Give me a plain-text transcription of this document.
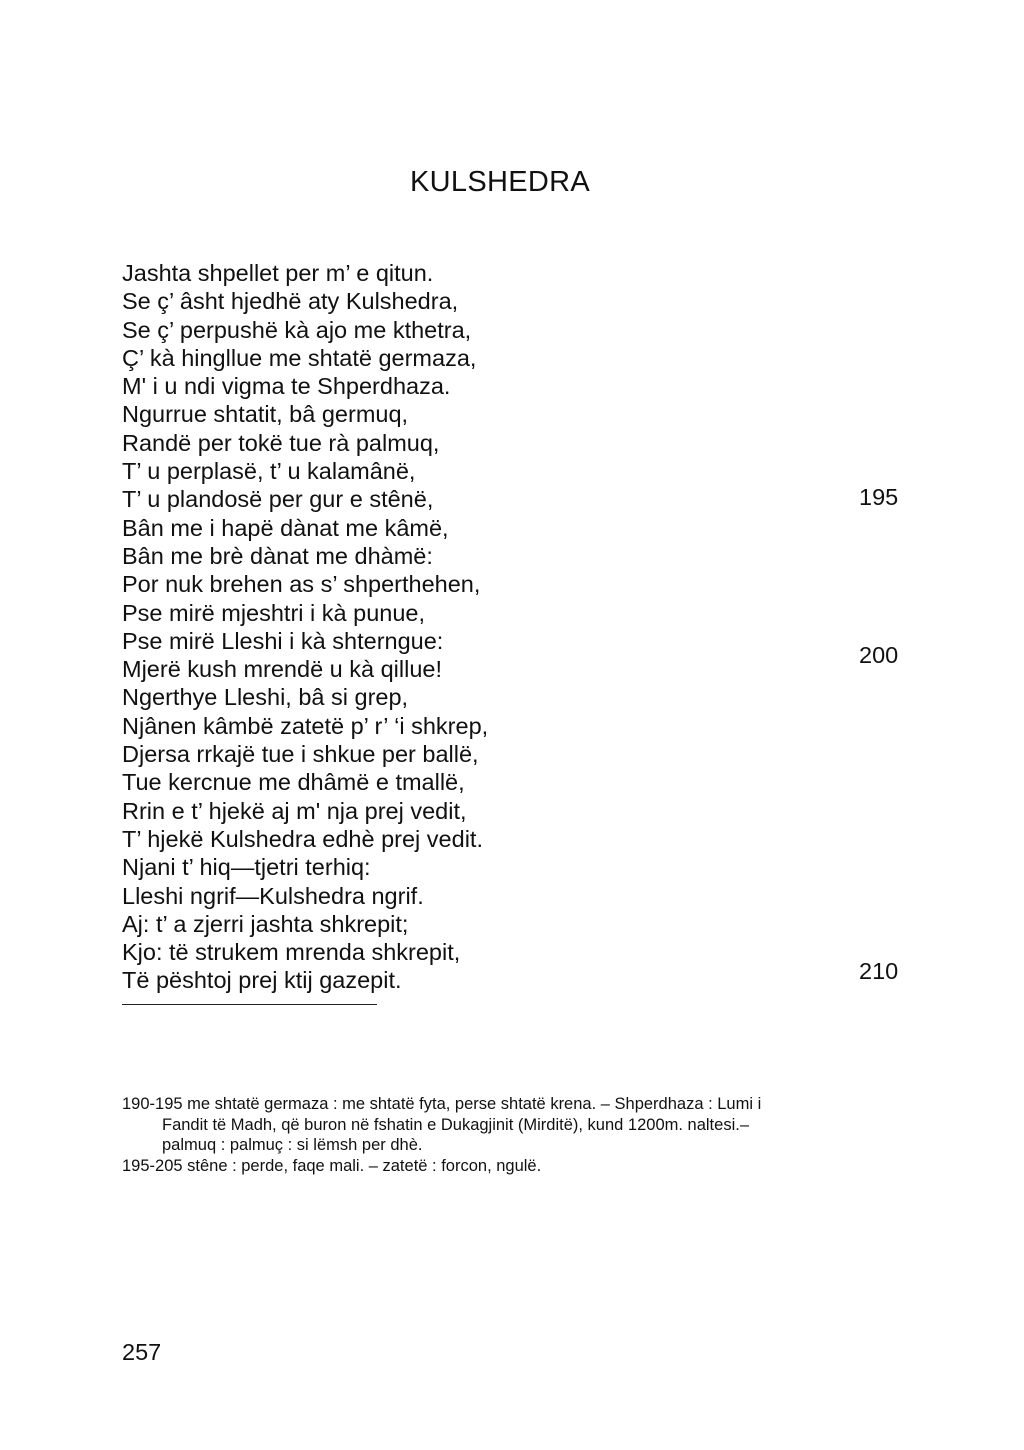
KULSHEDRA
Jashta shpellet per m’ e qitun.
Se ç’ âsht hjedhë aty Kulshedra,
Se ç’ perpushë kà ajo me kthetra,
Ç’ kà hingllue me shtatë germaza,
M' i u ndi vigma te Shperdhaza.
Ngurrue shtatit, bâ germuq,
Randë per tokë tue rà palmuq,
T’ u perplasë, t’ u kalamânë,
T’ u plandosë per gur e stênë,
Bân me i hapë dànat me kâmë,
Bân me brè dànat me dhàmë:
Por nuk brehen as s’ shperthehen,
Pse mirë mjeshtri i kà punue,
Pse mirë Lleshi i kà shterngue:
Mjerë kush mrendë u kà qillue!
Ngerthye Lleshi, bâ si grep,
Njânen kâmbë zatetë p’ r’ ‘i shkrep,
Djersa rrkajë tue i shkue per ballë,
Tue kercnue me dhâmë e tmallë,
Rrin e t’ hjekë aj m' nja prej vedit,
T’ hjekë Kulshedra edhè prej vedit.
Njani t’ hiq—tjetri terhiq:
Lleshi ngrif—Kulshedra ngrif.
Aj: t’ a zjerri jashta shkrepit;
Kjo: të strukem mrenda shkrepit,
Të pështoj prej ktij gazepit.
195
200
210
190-195 me shtatë germaza : me shtatë fyta, perse shtatë krena. – Shperdhaza : Lumi i
Fandit të Madh, që buron në fshatin e Dukagjinit (Mirditë), kund 1200m. naltesi.–
palmuq : palmuç : si lëmsh per dhè.
195-205 stêne : perde, faqe mali. – zatetë : forcon, ngulë.
257
